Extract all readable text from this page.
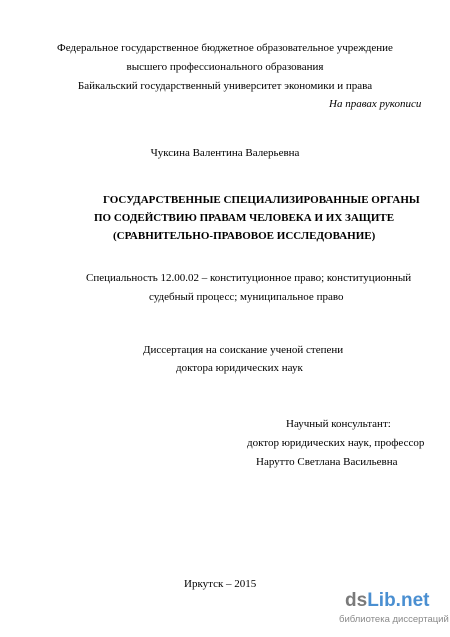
Федеральное государственное бюджетное образовательное учреждение
высшего профессионального образования
Байкальский государственный университет экономики и права
На правах рукописи
Чуксина Валентина Валерьевна
ГОСУДАРСТВЕННЫЕ СПЕЦИАЛИЗИРОВАННЫЕ ОРГАНЫ
ПО СОДЕЙСТВИЮ ПРАВАМ ЧЕЛОВЕКА И ИХ ЗАЩИТЕ
(СРАВНИТЕЛЬНО-ПРАВОВОЕ ИССЛЕДОВАНИЕ)
Специальность 12.00.02 – конституционное право; конституционный
судебный процесс; муниципальное право
Диссертация на соискание ученой степени
доктора юридических наук
Научный консультант:
доктор юридических наук, профессор
Нарутто Светлана Васильевна
Иркутск – 2015
dsLib.net
библиотека диссертаций
